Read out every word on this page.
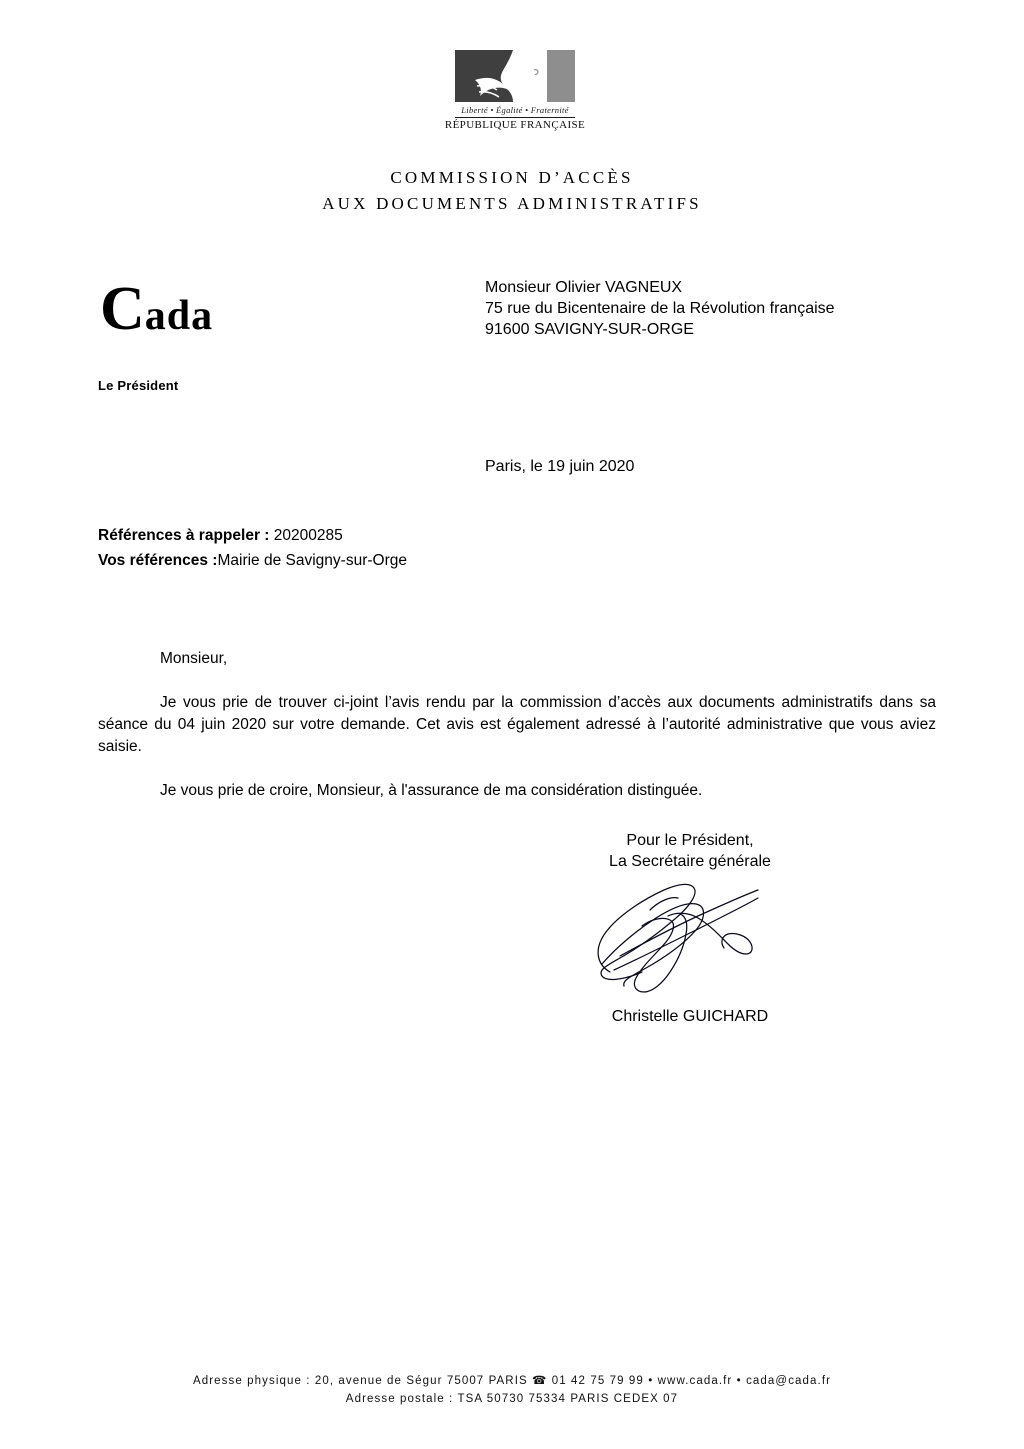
Liberté • Égalité • Fraternité
RÉPUBLIQUE FRANÇAISE
COMMISSION D’ACCÈS
AUX DOCUMENTS ADMINISTRATIFS
Cada
Le Président
Monsieur Olivier VAGNEUX
75 rue du Bicentenaire de la Révolution française
91600 SAVIGNY-SUR-ORGE
Paris, le 19 juin 2020
Références à rappeler : 20200285
Vos références :Mairie de Savigny-sur-Orge

Monsieur,

Je vous prie de trouver ci-joint l’avis rendu par la commission d’accès aux documents administratifs dans sa séance du 04 juin 2020 sur votre demande. Cet avis est également adressé à l’autorité administrative que vous aviez saisie.

Je vous prie de croire, Monsieur, à l'assurance de ma considération distinguée.

Pour le Président,
La Secrétaire générale
Christelle GUICHARD
Adresse physique : 20, avenue de Ségur 75007 PARIS ☎ 01 42 75 79 99 • www.cada.fr • cada@cada.fr
Adresse postale : TSA 50730 75334 PARIS CEDEX 07
